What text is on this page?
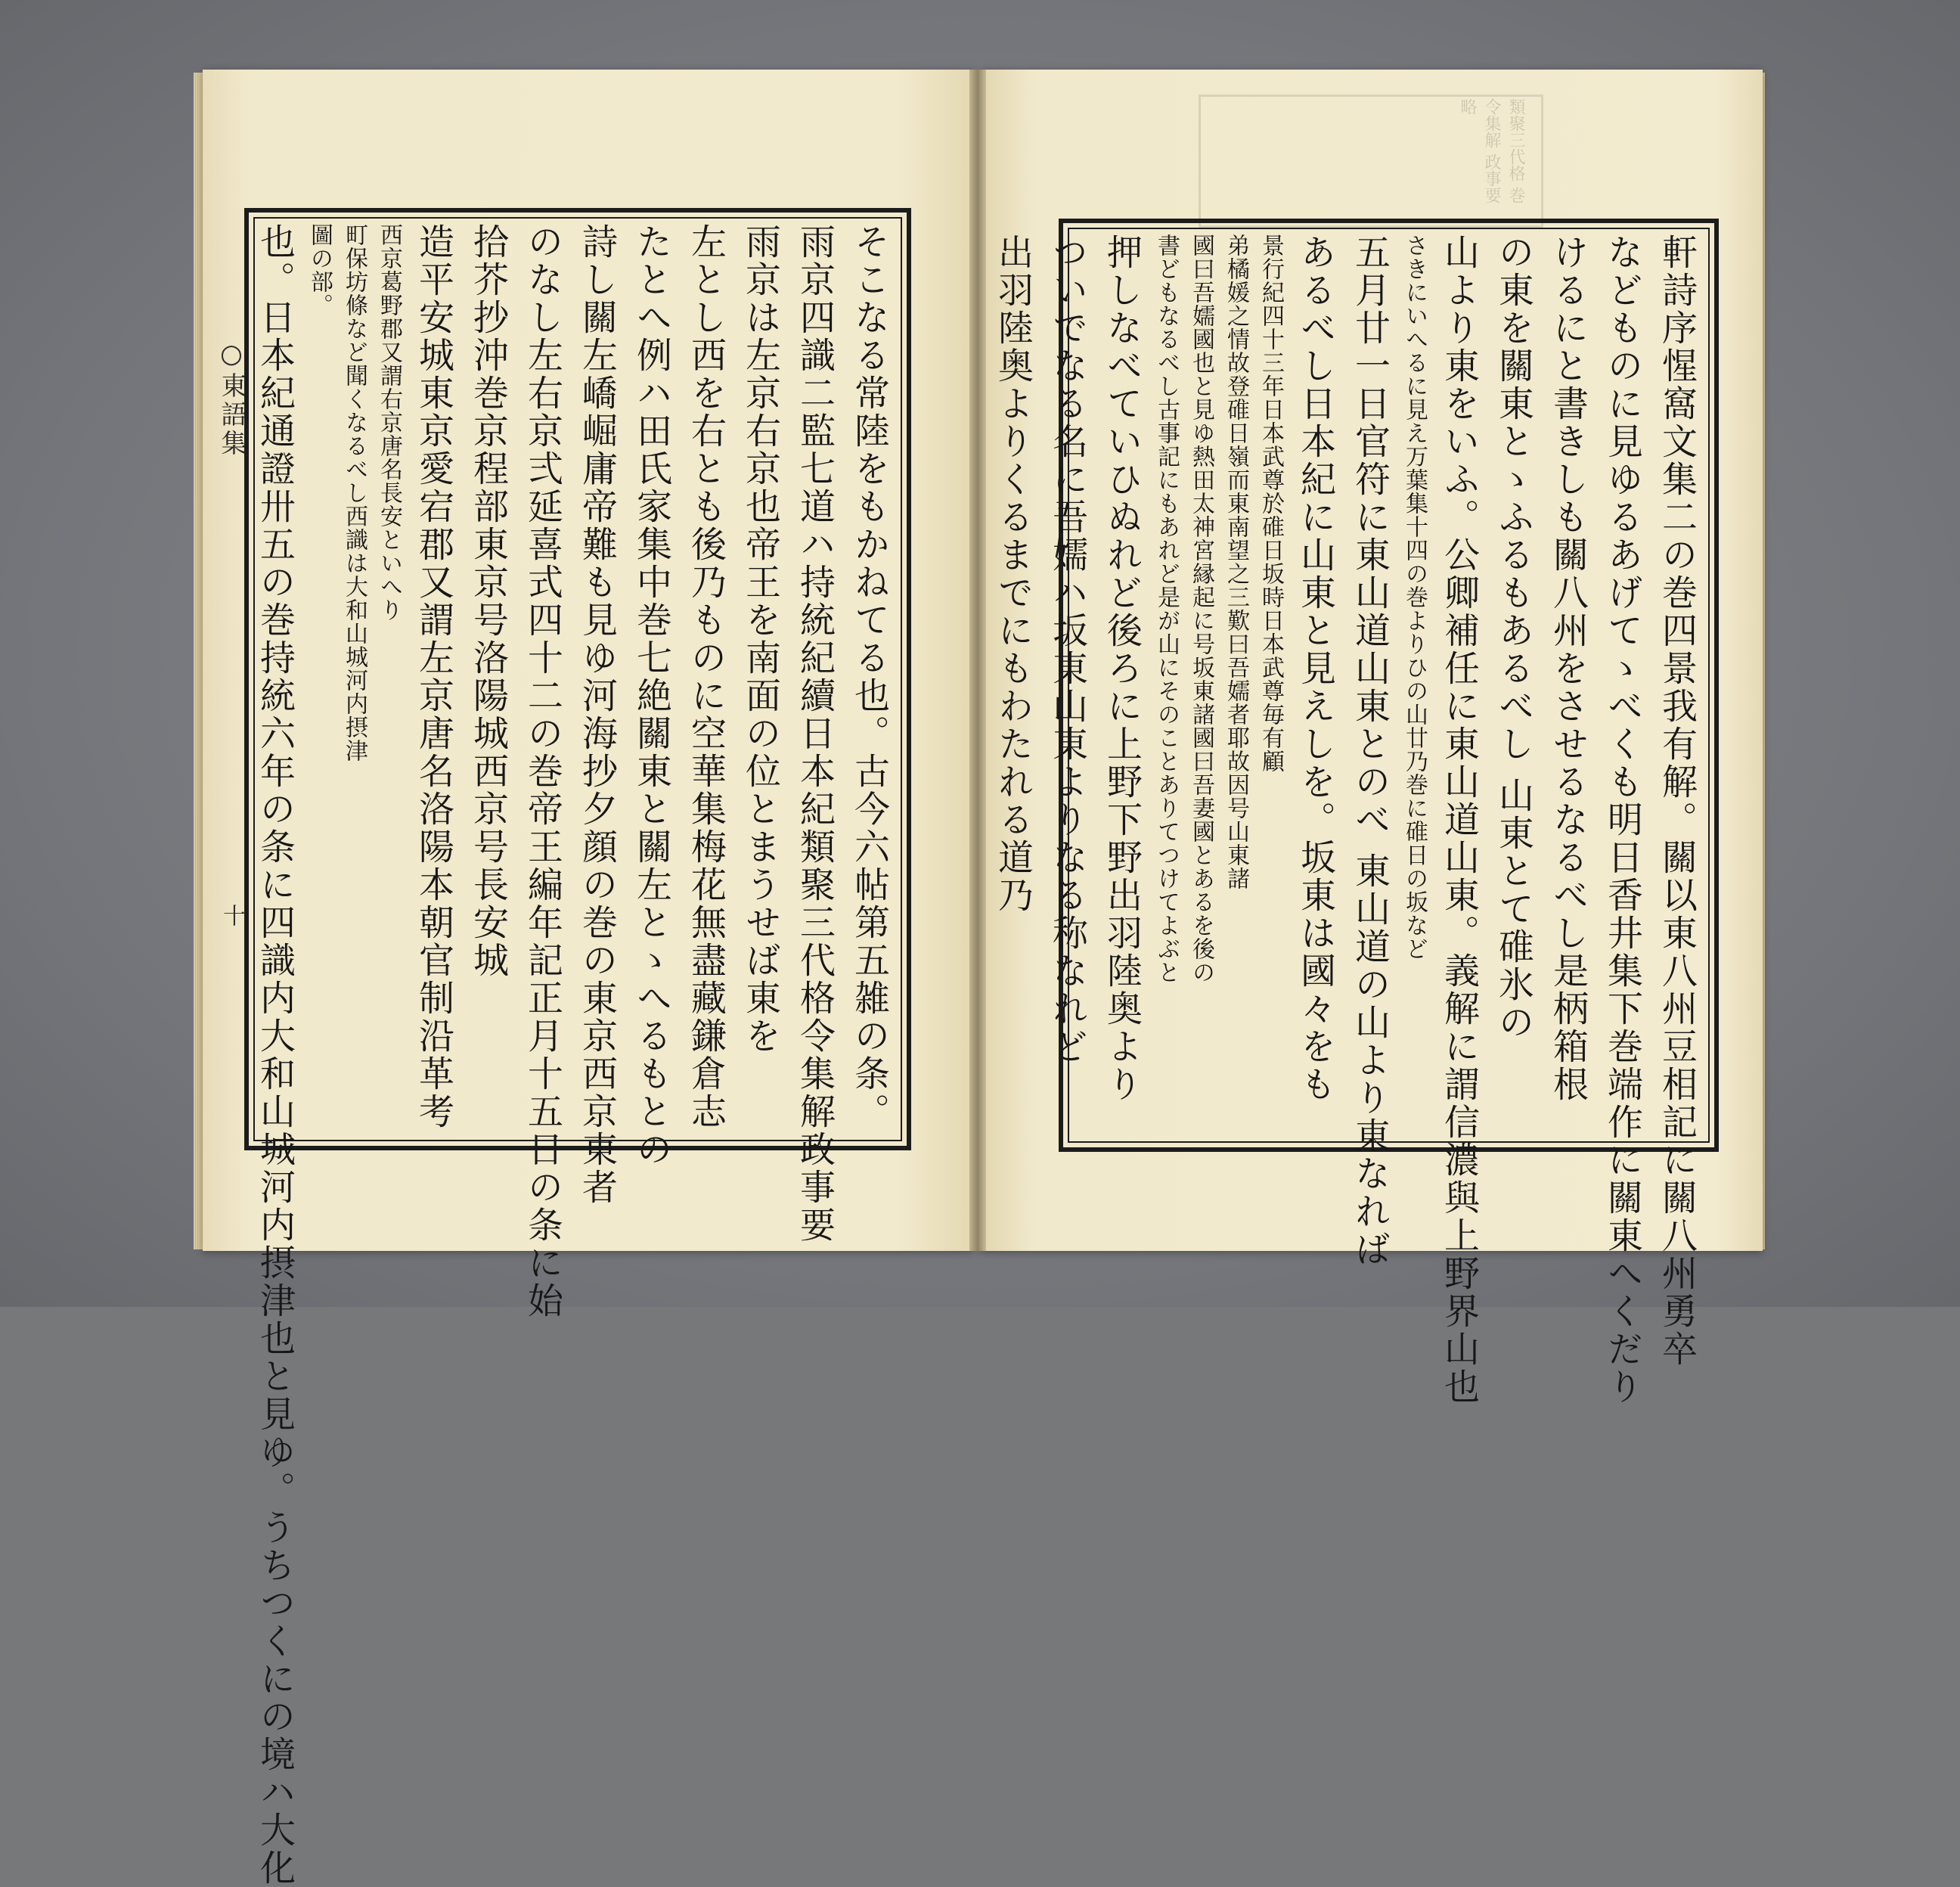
○東語集
十
類聚三代格 巻 令集解 政事要略
そこなる常陸をもかねてる也。古今六帖第五雑の条。
雨京四識二監七道ハ持統紀續日本紀類聚三代格令集解政事要
雨京は左京右京也帝王を南面の位とまうせば東を
左とし西を右とも後乃ものに空華集梅花無盡藏鎌倉志
たとへ例ハ田氏家集中巻七絶關東と關左とゝへるもとの
詩し關左嶠崛庸帝難も見ゆ河海抄夕顔の巻の東京西京東者
のなし左右京弍延喜式四十二の巻帝王編年記正月十五日の条に始
拾芥抄沖巻京程部東京号洛陽城西京号長安城
造平安城東京愛宕郡又謂左京唐名洛陽本朝官制沿革考
西京葛野郡又謂右京唐名長安といへり
町保坊條など聞くなるべし西識は大和山城河内摂津
圖の部。
也。日本紀通證卅五の巻持統六年の条に四識内大和山城河内摂津也と見ゆ。うちつくにの境ハ大化	軒詩序惺窩文集二の巻四景我有解。關以東八州豆相記に關八州勇卒
などものに見ゆるあげてゝべくも明日香井集下巻端作に關東へくだり
けるにと書きしも關八州をさせるなるべし是柄箱根
の東を關東とゝふるもあるべし 山東とて碓氷の
山より東をいふ。公卿補任に東山道山東。義解に謂信濃與上野界山也
さきにいへるに見え万葉集十四の巻よりひの山廿乃巻に碓日の坂など
五月廿一日官符に東山道山東とのべ 東山道の山より東なれば
あるべし日本紀に山東と見えしを。坂東は國々をも
景行紀四十三年日本武尊於碓日坂時日本武尊毎有顧
弟橘媛之情故登碓日嶺而東南望之三歎曰吾嬬者耶故因号山東諸
國曰吾嬬國也と見ゆ熱田太神宮縁起に号坂東諸國曰吾妻國とあるを後の
書どもなるべし古事記にもあれど是が山にそのことありてつけてよぶと
押しなべていひぬれど後ろに上野下野出羽陸奥より
ついでなる名に吾嬬ハ坂東山東よりなる称なれど
出羽陸奥よりくるまでにもわたれる道乃
